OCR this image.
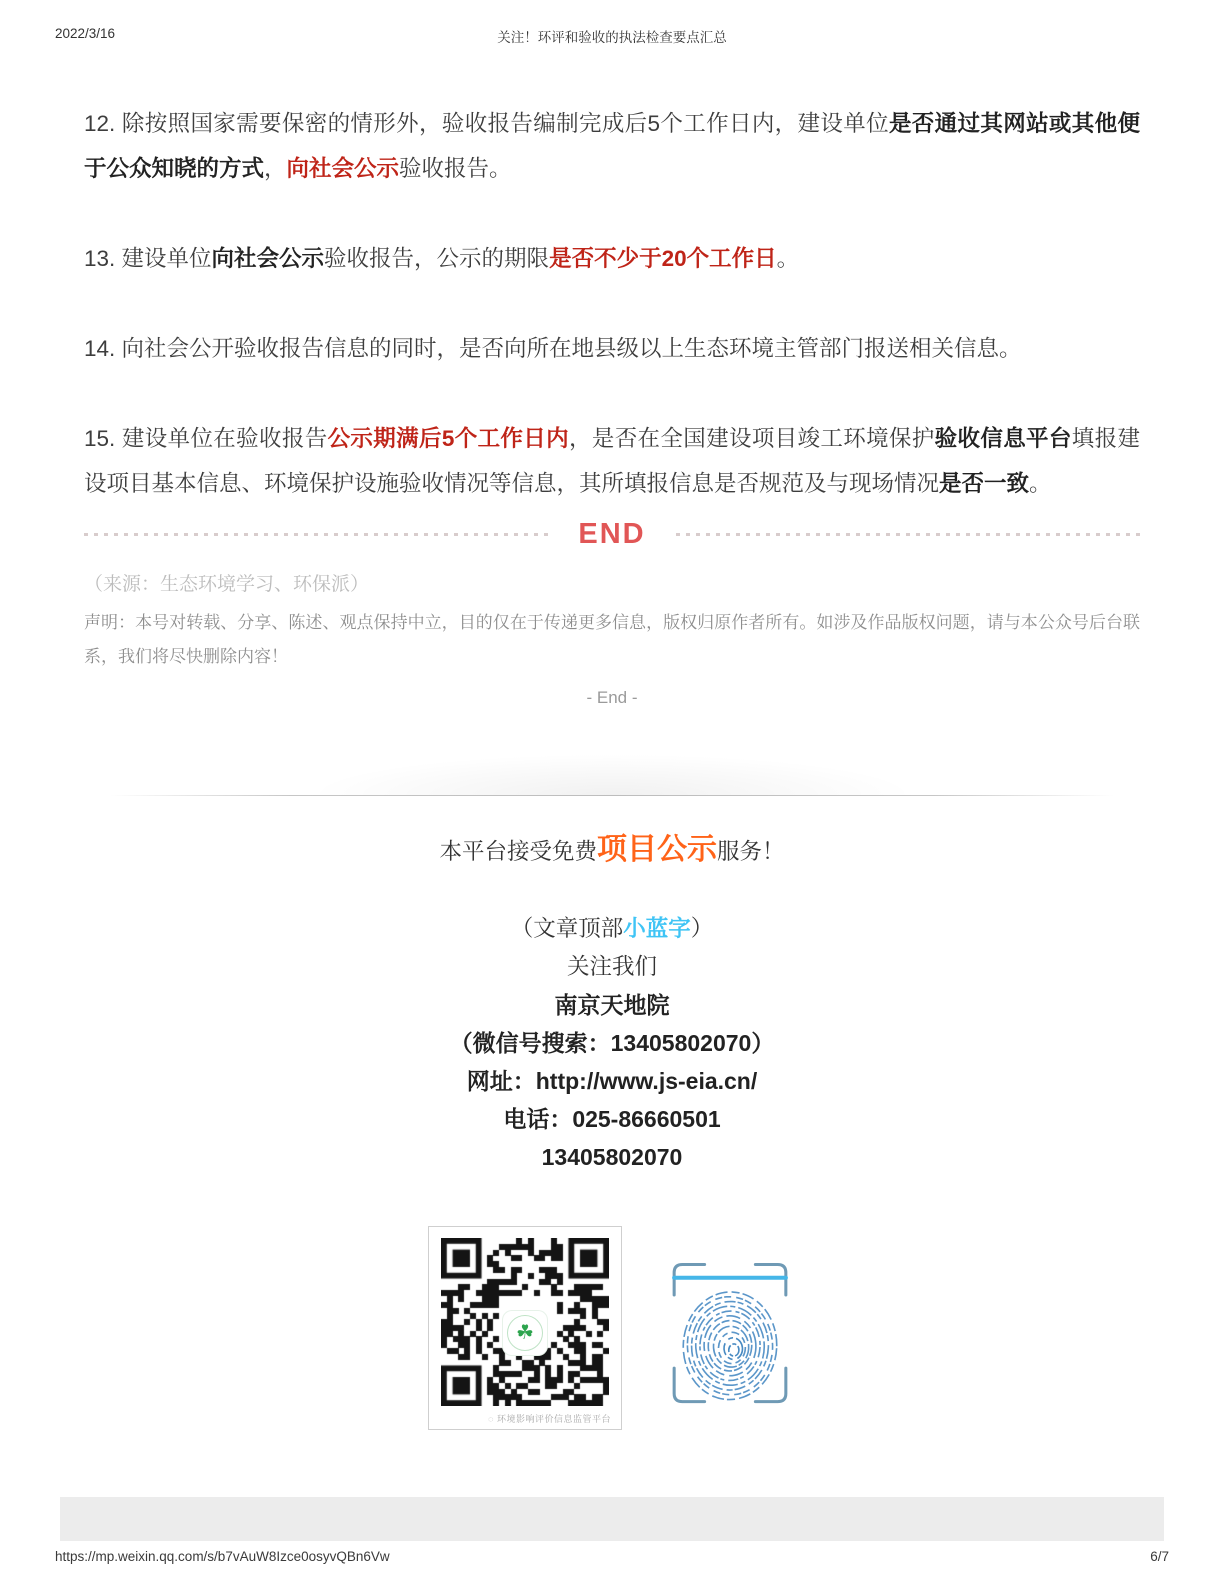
2022/3/16	关注！环评和验收的执法检查要点汇总

12. 除按照国家需要保密的情形外，验收报告编制完成后5个工作日内，建设单位是否通过其网站或其他便于公众知晓的方式，向社会公示验收报告。

13. 建设单位向社会公示验收报告，公示的期限是否不少于20个工作日。

14. 向社会公开验收报告信息的同时，是否向所在地县级以上生态环境主管部门报送相关信息。

15. 建设单位在验收报告公示期满后5个工作日内，是否在全国建设项目竣工环境保护验收信息平台填报建设项目基本信息、环境保护设施验收情况等信息，其所填报信息是否规范及与现场情况是否一致。

END
（来源：生态环境学习、环保派）
声明：本号对转载、分享、陈述、观点保持中立，目的仅在于传递更多信息，版权归原作者所有。如涉及作品版权问题，请与本公众号后台联系，我们将尽快删除内容！
- End -

本平台接受免费项目公示服务！

（文章顶部小蓝字）

关注我们

南京天地院

（微信号搜索：13405802070）

网址：http://www.js-eia.cn/

电话：025-86660501

13405802070

☘
◌ 环境影响评价信息监管平台
https://mp.weixin.qq.com/s/b7vAuW8Izce0osyvQBn6Vw	6/7
